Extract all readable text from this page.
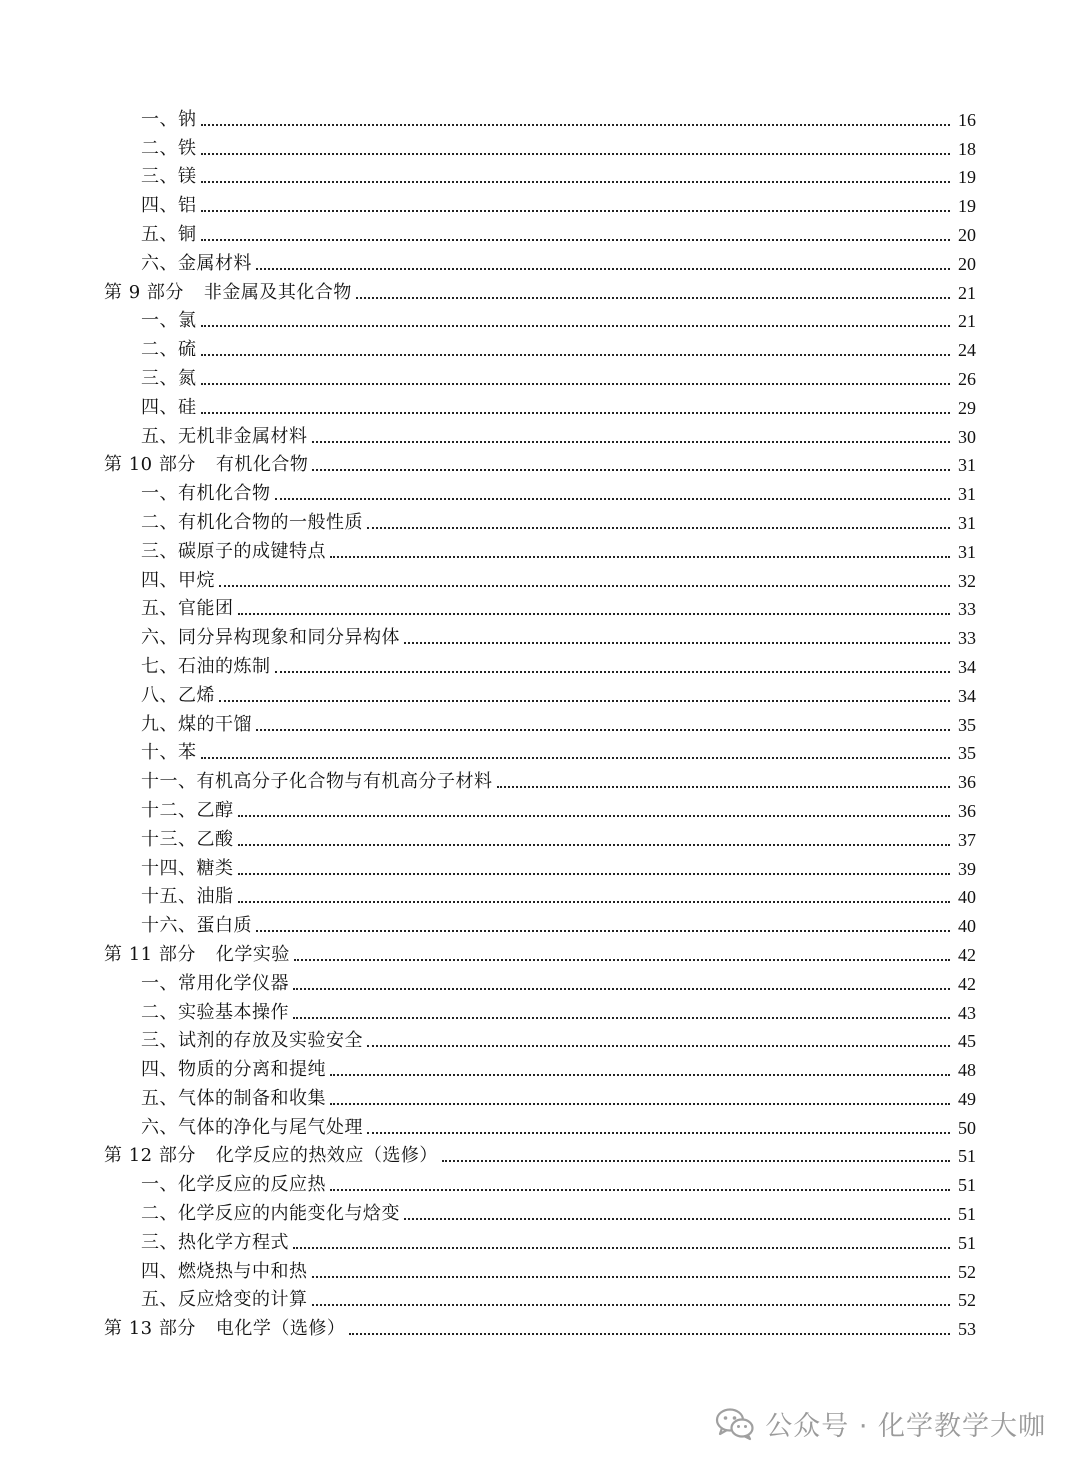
一、钠	16
二、铁	18
三、镁	19
四、铝	19
五、铜	20
六、金属材料	20
第 9 部分 非金属及其化合物	21
一、氯	21
二、硫	24
三、氮	26
四、硅	29
五、无机非金属材料	30
第 10 部分 有机化合物	31
一、有机化合物	31
二、有机化合物的一般性质	31
三、碳原子的成键特点	31
四、甲烷	32
五、官能团	33
六、同分异构现象和同分异构体	33
七、石油的炼制	34
八、乙烯	34
九、煤的干馏	35
十、苯	35
十一、有机高分子化合物与有机高分子材料	36
十二、乙醇	36
十三、乙酸	37
十四、糖类	39
十五、油脂	40
十六、蛋白质	40
第 11 部分 化学实验	42
一、常用化学仪器	42
二、实验基本操作	43
三、试剂的存放及实验安全	45
四、物质的分离和提纯	48
五、气体的制备和收集	49
六、气体的净化与尾气处理	50
第 12 部分 化学反应的热效应（选修）	51
一、化学反应的反应热	51
二、化学反应的内能变化与焓变	51
三、热化学方程式	51
四、燃烧热与中和热	52
五、反应焓变的计算	52
第 13 部分 电化学（选修）	53
公众号 · 化学教学大咖
